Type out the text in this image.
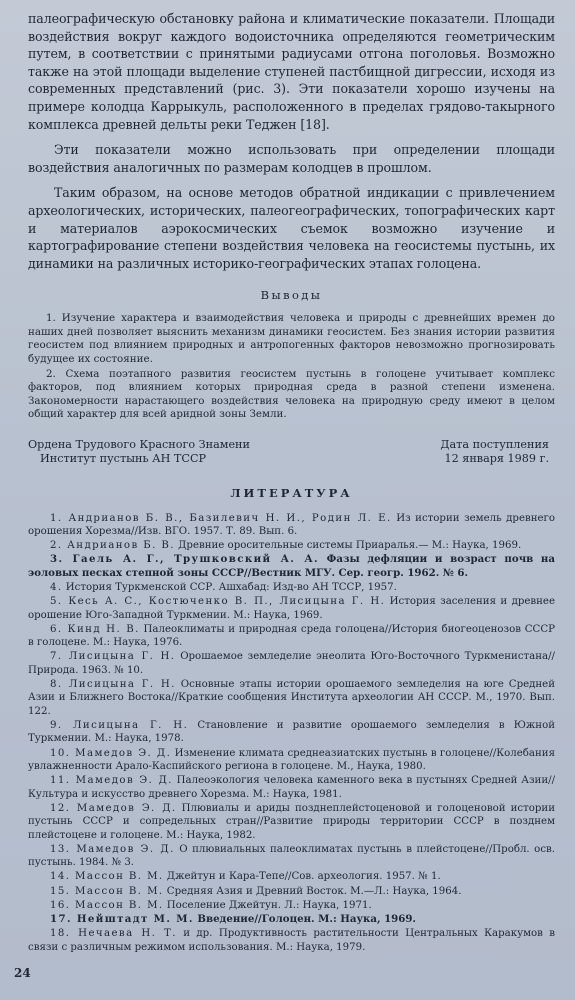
палеографическую обстановку района и климатические показатели. Площади воздействия вокруг каждого водоисточника определяются геометрическим путем, в соответствии с принятыми радиусами отгона поголовья. Возможно также на этой площади выделение ступеней пастбищной дигрессии, исходя из современных представлений (рис. 3). Эти показатели хорошо изучены на примере колодца Каррыкуль, расположенного в пределах грядово-такырного комплекса древней дельты реки Теджен [18].

Эти показатели можно использовать при определении площади воздействия аналогичных по размерам колодцев в прошлом.

Таким образом, на основе методов обратной индикации с привлечением археологических, исторических, палеогеографических, топографических карт и материалов аэрокосмических съемок возможно изучение и картографирование степени воздействия человека на геосистемы пустынь, их динамики на различных историко-географических этапах голоцена.

Выводы

1. Изучение характера и взаимодействия человека и природы с древнейших времен до наших дней позволяет выяснить механизм динамики геосистем. Без знания истории развития геосистем под влиянием природных и антропогенных факторов невозможно прогнозировать будущее их состояние.

2. Схема поэтапного развития геосистем пустынь в голоцене учитывает комплекс факторов, под влиянием которых природная среда в разной степени изменена. Закономерности нарастающего воздействия человека на природную среду имеют в целом общий характер для всей аридной зоны Земли.

Ордена Трудового Красного Знамени
Институт пустынь АН ТССР
Дата поступления
12 января 1989 г.
ЛИТЕРАТУРА

1. Андрианов Б. В., Базилевич Н. И., Родин Л. Е. Из истории земель древнего орошения Хорезма//Изв. ВГО. 1957. Т. 89. Вып. 6.

2. Андрианов Б. В. Древние оросительные системы Приаралья.— М.: Наука, 1969.

3. Гаель А. Г., Трушковский А. А. Фазы дефляции и возраст почв на эоловых песках степной зоны СССР//Вестник МГУ. Сер. геогр. 1962. № 6.

4. История Туркменской ССР. Ашхабад: Изд-во АН ТССР, 1957.

5. Кесь А. С., Костюченко В. П., Лисицына Г. Н. История заселения и древнее орошение Юго-Западной Туркмении. М.: Наука, 1969.

6. Кинд Н. В. Палеоклиматы и природная среда голоцена//История биогеоценозов СССР в голоцене. М.: Наука, 1976.

7. Лисицына Г. Н. Орошаемое земледелие энеолита Юго-Восточного Туркменистана//Природа. 1963. № 10.

8. Лисицына Г. Н. Основные этапы истории орошаемого земледелия на юге Средней Азии и Ближнего Востока//Краткие сообщения Института археологии АН СССР. М., 1970. Вып. 122.

9. Лисицына Г. Н. Становление и развитие орошаемого земледелия в Южной Туркмении. М.: Наука, 1978.

10. Мамедов Э. Д. Изменение климата среднеазиатских пустынь в голоцене//Колебания увлажненности Арало-Каспийского региона в голоцене. М., Наука, 1980.

11. Мамедов Э. Д. Палеоэкология человека каменного века в пустынях Средней Азии//Культура и искусство древнего Хорезма. М.: Наука, 1981.

12. Мамедов Э. Д. Плювиалы и ариды позднеплейстоценовой и голоценовой истории пустынь СССР и сопредельных стран//Развитие природы территории СССР в позднем плейстоцене и голоцене. М.: Наука, 1982.

13. Мамедов Э. Д. О плювиальных палеоклиматах пустынь в плейстоцене//Пробл. осв. пустынь. 1984. № 3.

14. Массон В. М. Джейтун и Кара-Тепе//Сов. археология. 1957. № 1.

15. Массон В. М. Средняя Азия и Древний Восток. М.—Л.: Наука, 1964.

16. Массон В. М. Поселение Джейтун. Л.: Наука, 1971.

17. Нейштадт М. М. Введение//Голоцен. М.: Наука, 1969.

18. Нечаева Н. Т. и др. Продуктивность растительности Центральных Каракумов в связи с различным режимом использования. М.: Наука, 1979.

24
